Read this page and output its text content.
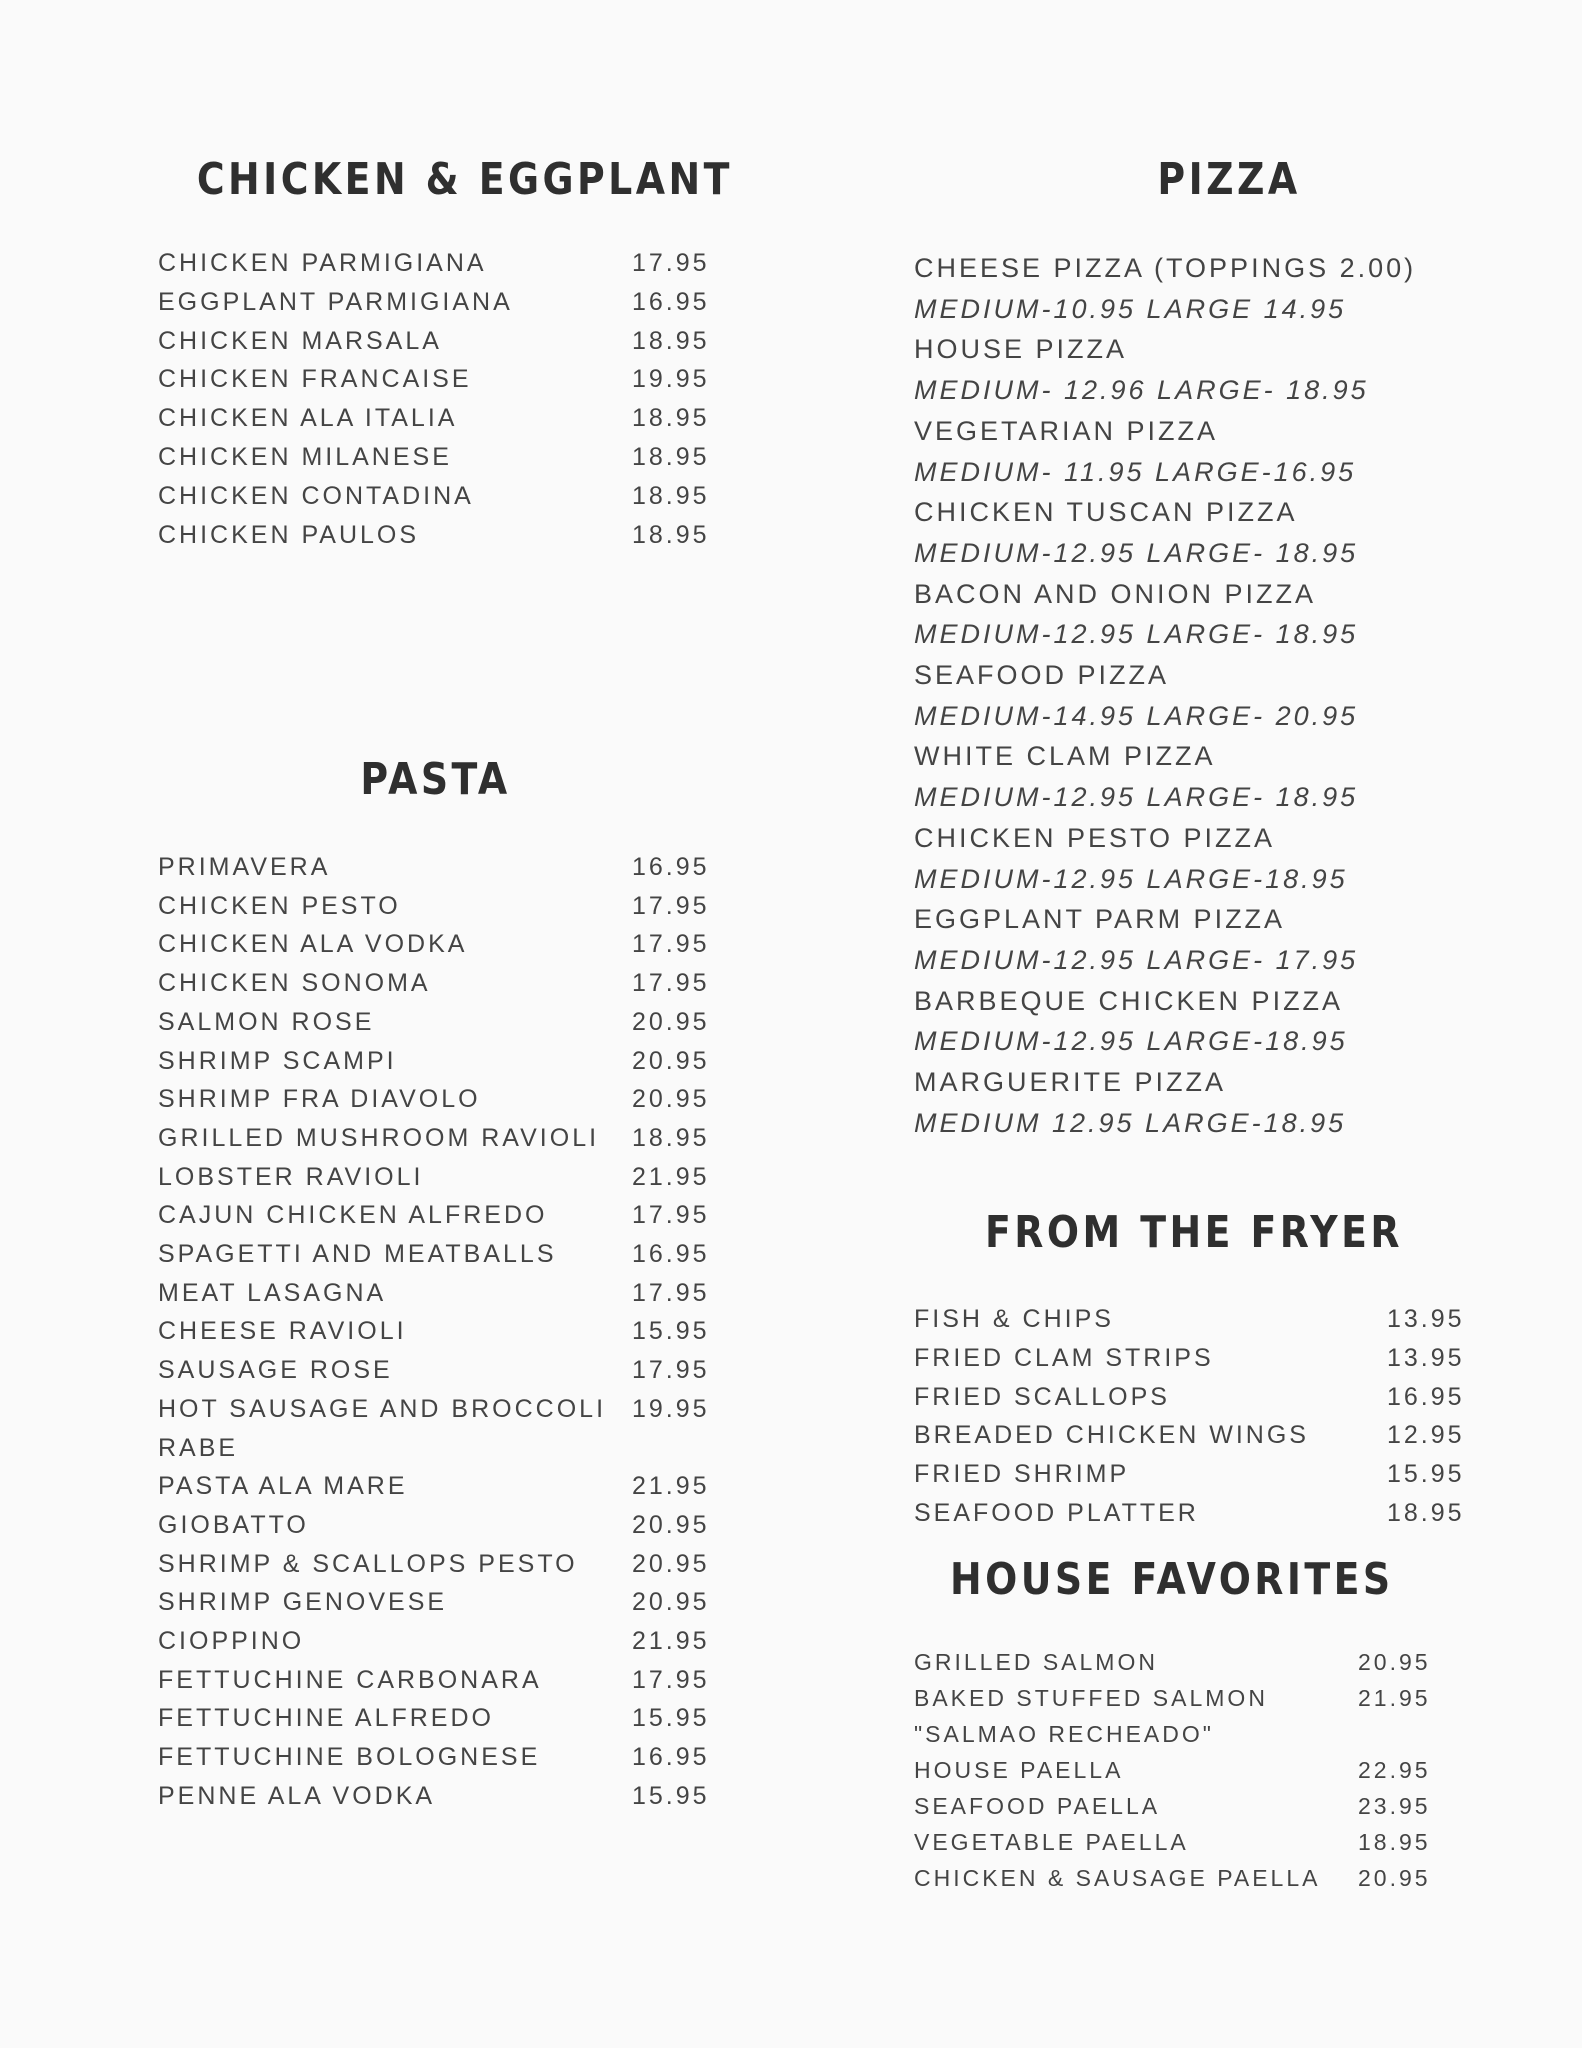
CHICKEN & EGGPLANT
CHICKEN PARMIGIANA	17.95
EGGPLANT PARMIGIANA	16.95
CHICKEN MARSALA	18.95
CHICKEN FRANCAISE	19.95
CHICKEN ALA ITALIA	18.95
CHICKEN MILANESE	18.95
CHICKEN CONTADINA	18.95
CHICKEN PAULOS	18.95
PASTA
PRIMAVERA	16.95
CHICKEN PESTO	17.95
CHICKEN ALA VODKA	17.95
CHICKEN SONOMA	17.95
SALMON ROSE	20.95
SHRIMP SCAMPI	20.95
SHRIMP FRA DIAVOLO	20.95
GRILLED MUSHROOM RAVIOLI 18.95
LOBSTER RAVIOLI	21.95
CAJUN CHICKEN ALFREDO	17.95
SPAGETTI AND MEATBALLS	16.95
MEAT LASAGNA	17.95
CHEESE RAVIOLI	15.95
SAUSAGE ROSE	17.95
HOT SAUSAGE AND BROCCOLI 19.95
RABE
PASTA ALA MARE	21.95
GIOBATTO	20.95
SHRIMP & SCALLOPS PESTO 20.95
SHRIMP GENOVESE	20.95
CIOPPINO	21.95
FETTUCHINE CARBONARA	17.95
FETTUCHINE ALFREDO	15.95
FETTUCHINE BOLOGNESE	16.95
PENNE ALA VODKA	15.95
PIZZA
CHEESE PIZZA (TOPPINGS 2.00)
MEDIUM-10.95 LARGE 14.95
HOUSE PIZZA
MEDIUM- 12.96 LARGE- 18.95
VEGETARIAN PIZZA
MEDIUM- 11.95 LARGE-16.95
CHICKEN TUSCAN PIZZA
MEDIUM-12.95 LARGE- 18.95
BACON AND ONION PIZZA
MEDIUM-12.95 LARGE- 18.95
SEAFOOD PIZZA
MEDIUM-14.95 LARGE- 20.95
WHITE CLAM PIZZA
MEDIUM-12.95 LARGE- 18.95
CHICKEN PESTO PIZZA
MEDIUM-12.95 LARGE-18.95
EGGPLANT PARM PIZZA
MEDIUM-12.95 LARGE- 17.95
BARBEQUE CHICKEN PIZZA
MEDIUM-12.95 LARGE-18.95
MARGUERITE PIZZA
MEDIUM 12.95 LARGE-18.95
FROM THE FRYER
FISH & CHIPS	13.95
FRIED CLAM STRIPS	13.95
FRIED SCALLOPS	16.95
BREADED CHICKEN WINGS	12.95
FRIED SHRIMP	15.95
SEAFOOD PLATTER	18.95
HOUSE FAVORITES
GRILLED SALMON	20.95
BAKED STUFFED SALMON	21.95
"SALMAO RECHEADO"
HOUSE PAELLA	22.95
SEAFOOD PAELLA	23.95
VEGETABLE PAELLA	18.95
CHICKEN & SAUSAGE PAELLA 20.95
